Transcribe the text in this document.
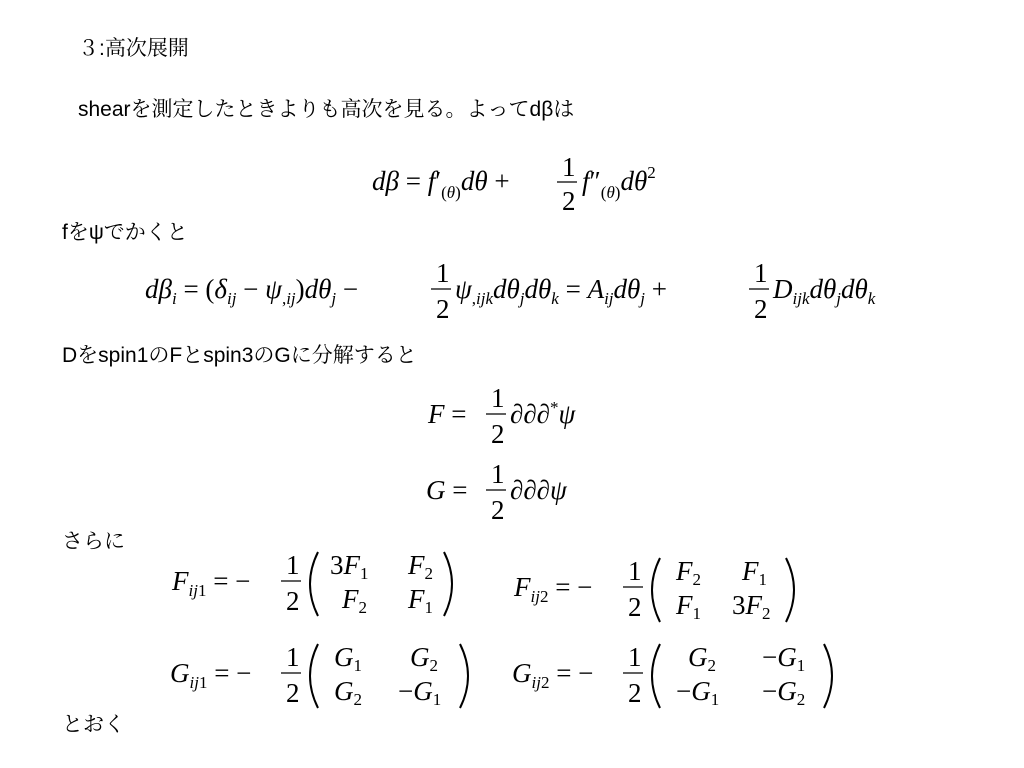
３:高次展開
shearを測定したときよりも高次を見る。よってdβは
fをψでかくと
Dをspin1のFとspin3のGに分解すると
さらに
とおく
$d\beta = f'_{(\theta)}d\theta + 1$
2
$f''_{(\theta)}d\theta^2$
$d\beta_i = (\delta_{ij} - \psi_{,ij})d\theta_j$ −
1
2
$\psi_{,ijk}d\theta_jd\theta_k = A_{ij}d\theta_j$ +
1
2
$D_{ijk}d\theta_jd\theta_k$
F =
1
2
∂∂∂*ψ
G =
1
2
∂∂∂ψ
$F_{ij1}$ = −
1
2
3F1 F2
F2 F1
$F_{ij2}$ = −
1
2
F2 F1
F1 3F2
$G_{ij1}$ = −
1
2
G1 G2
G2 −G1
$G_{ij2}$ = −
1
2
G2 −G1
−G1 −G2
